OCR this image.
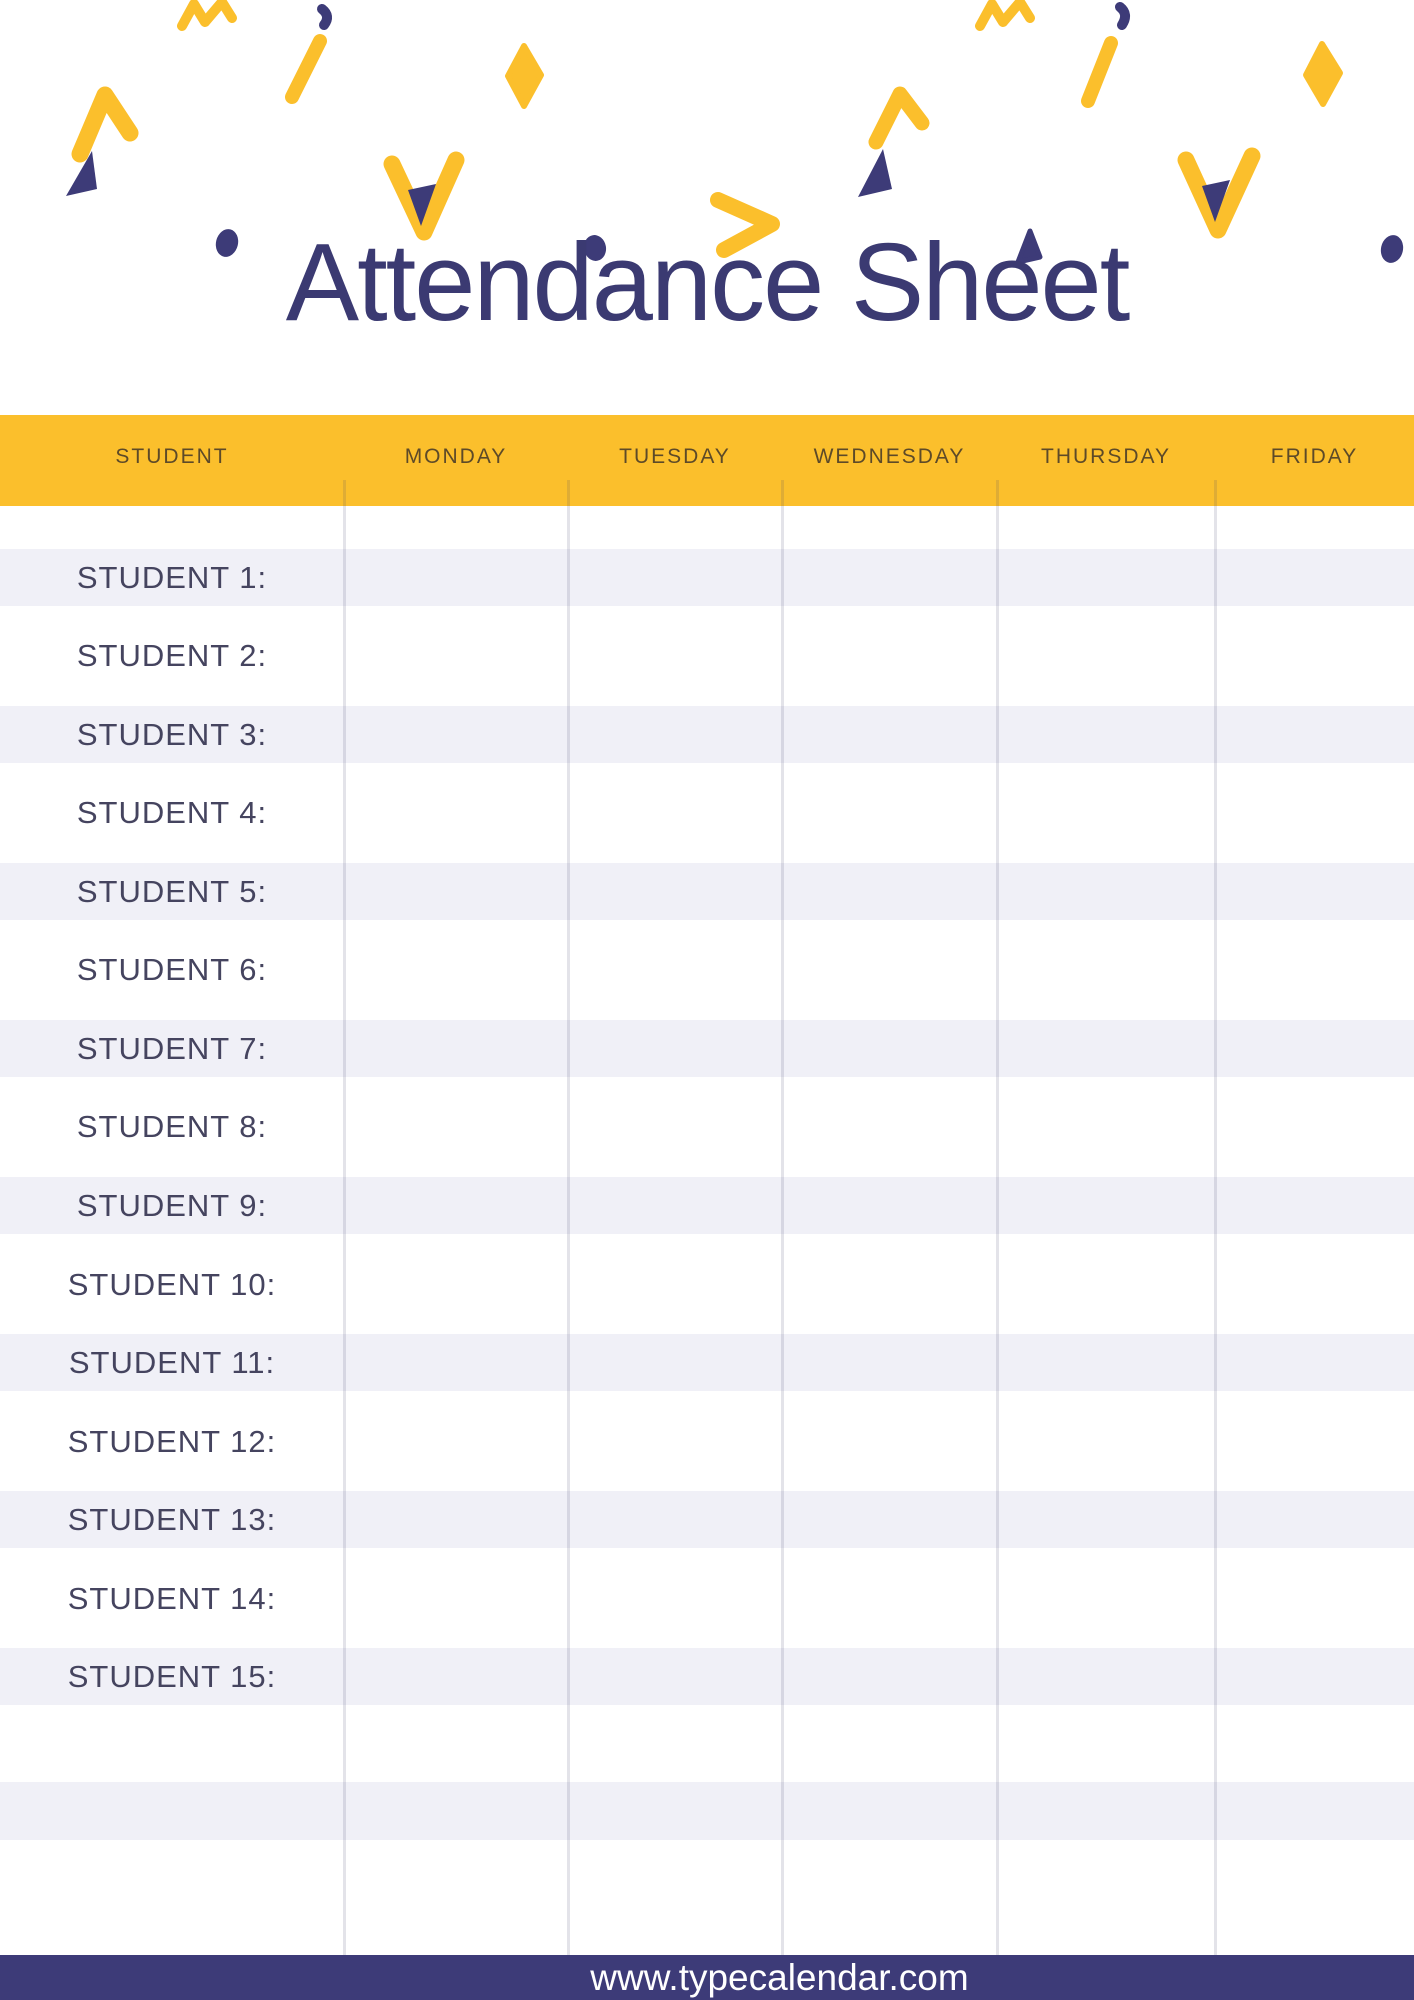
Attendance Sheet
STUDENT	MONDAY	TUESDAY	WEDNESDAY	THURSDAY	FRIDAY
STUDENT 1:
STUDENT 2:
STUDENT 3:
STUDENT 4:
STUDENT 5:
STUDENT 6:
STUDENT 7:
STUDENT 8:
STUDENT 9:
STUDENT 10:
STUDENT 11:
STUDENT 12:
STUDENT 13:
STUDENT 14:
STUDENT 15:
www.typecalendar.com
